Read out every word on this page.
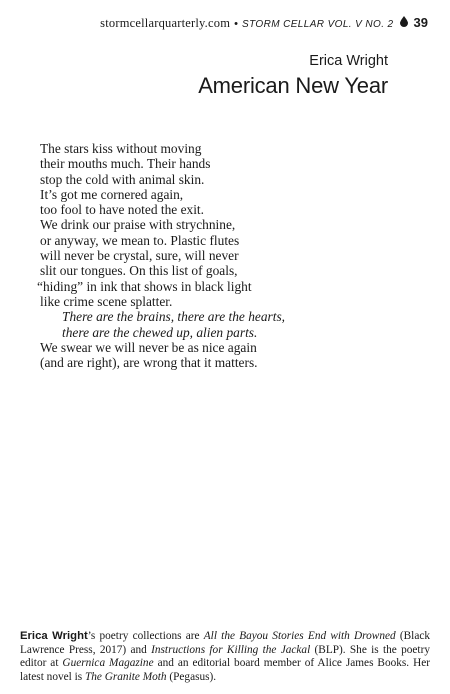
stormcellarquarterly.com • STORM CELLAR VOL. V NO. 2 39
Erica Wright
American New Year
The stars kiss without moving
their mouths much. Their hands
stop the cold with animal skin.
It’s got me cornered again,
too fool to have noted the exit.
We drink our praise with strychnine,
or anyway, we mean to. Plastic flutes
will never be crystal, sure, will never
slit our tongues. On this list of goals,
“hiding” in ink that shows in black light
like crime scene splatter.
There are the brains, there are the hearts,
there are the chewed up, alien parts.
We swear we will never be as nice again
(and are right), are wrong that it matters.
Erica Wright’s poetry collections are All the Bayou Stories End with Drowned (Black Lawrence Press, 2017) and Instructions for Killing the Jackal (BLP). She is the poetry editor at Guernica Magazine and an editorial board member of Alice James Books. Her latest novel is The Granite Moth (Pegasus).
